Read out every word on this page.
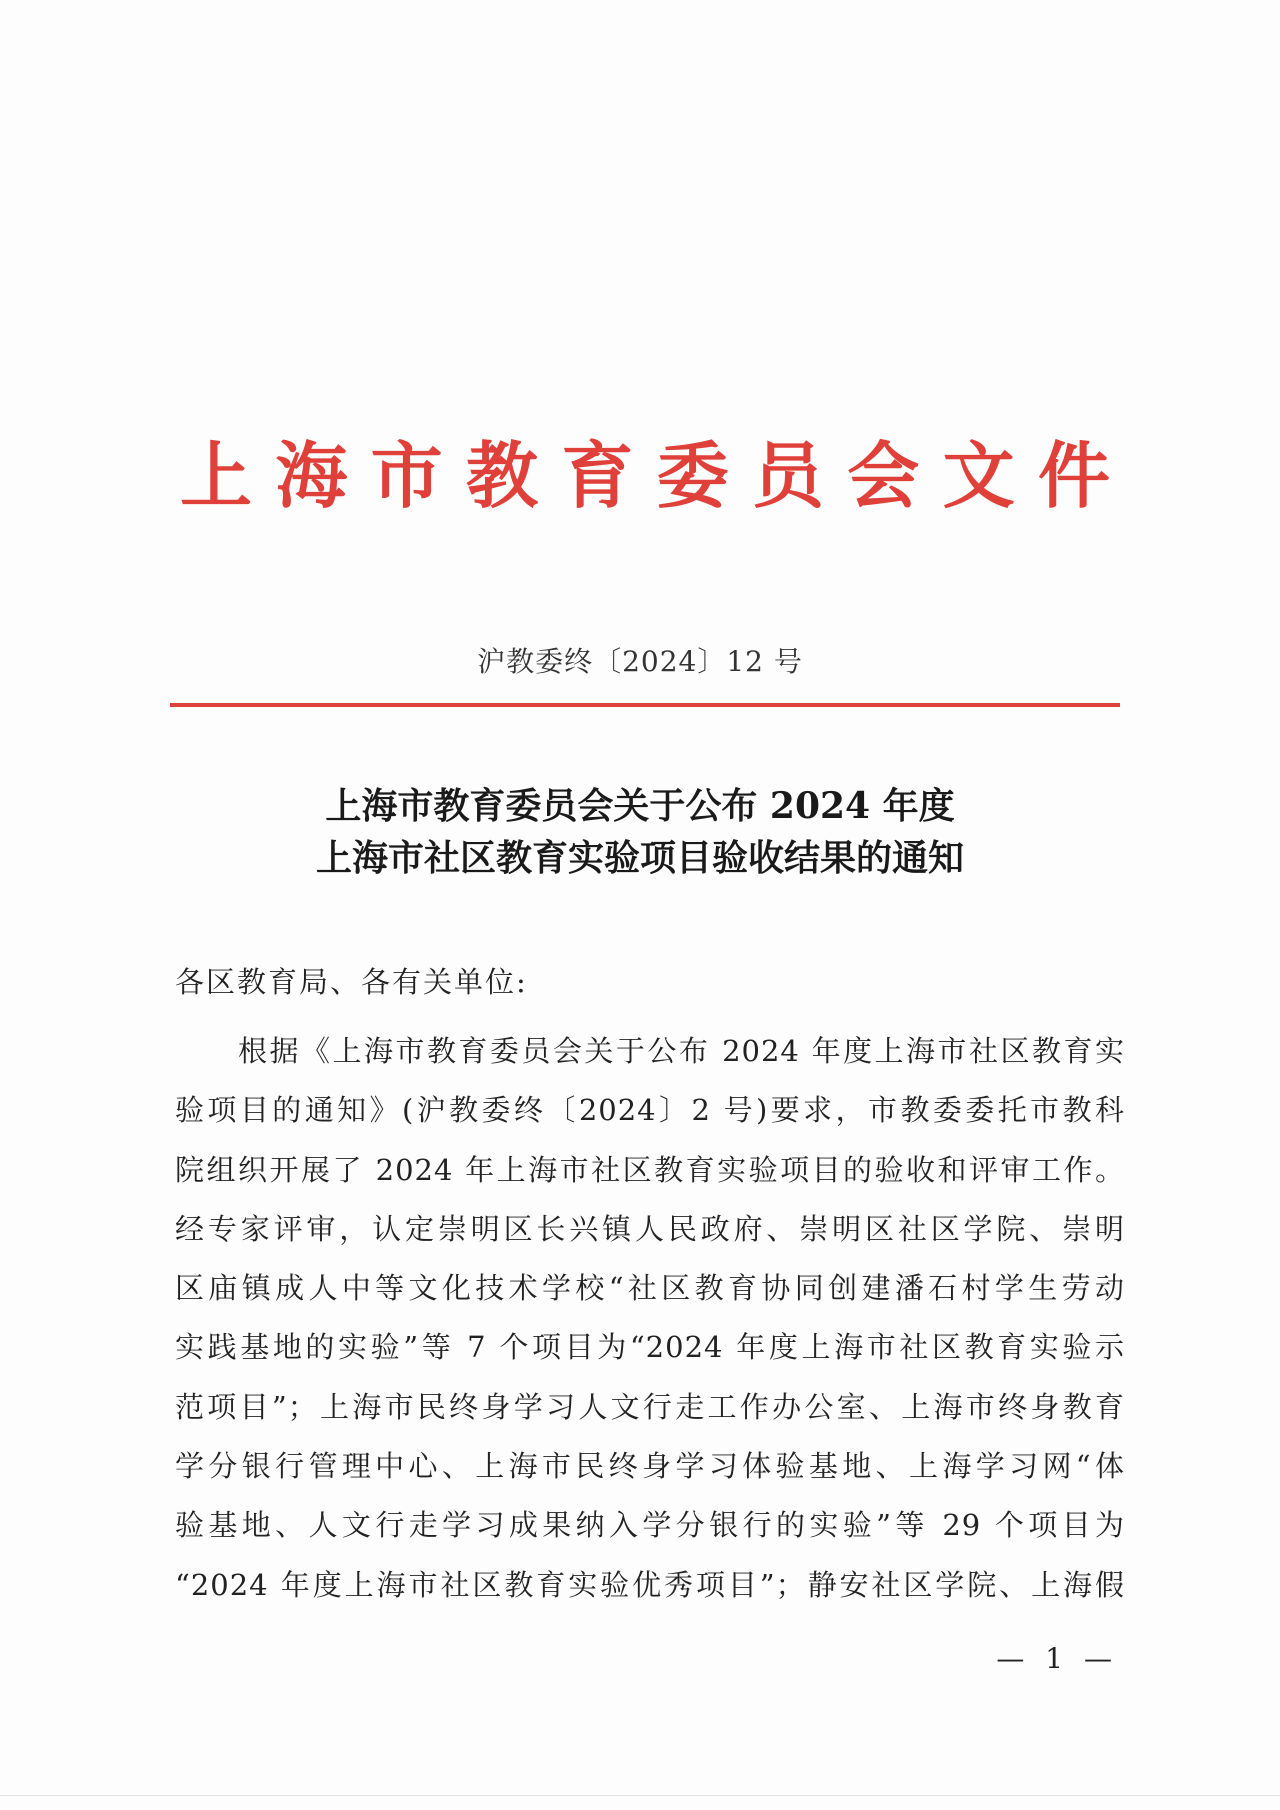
上 海 市 教 育 委 员 会 文 件
沪教委终〔2024〕12 号
上海市教育委员会关于公布 2024 年度
上海市社区教育实验项目验收结果的通知
各区教育局、各有关单位:
根据《上海市教育委员会关于公布 2024 年度上海市社区教育实
验项目的通知》(沪教委终〔2024〕2 号)要求，市教委委托市教科
院组织开展了 2024 年上海市社区教育实验项目的验收和评审工作。
经专家评审，认定崇明区长兴镇人民政府、崇明区社区学院、崇明
区庙镇成人中等文化技术学校“社区教育协同创建潘石村学生劳动
实践基地的实验”等 7 个项目为“2024 年度上海市社区教育实验示
范项目”；上海市民终身学习人文行走工作办公室、上海市终身教育
学分银行管理中心、上海市民终身学习体验基地、上海学习网“体
验基地、人文行走学习成果纳入学分银行的实验”等 29 个项目为
“2024 年度上海市社区教育实验优秀项目”；静安社区学院、上海假
— 1 —
